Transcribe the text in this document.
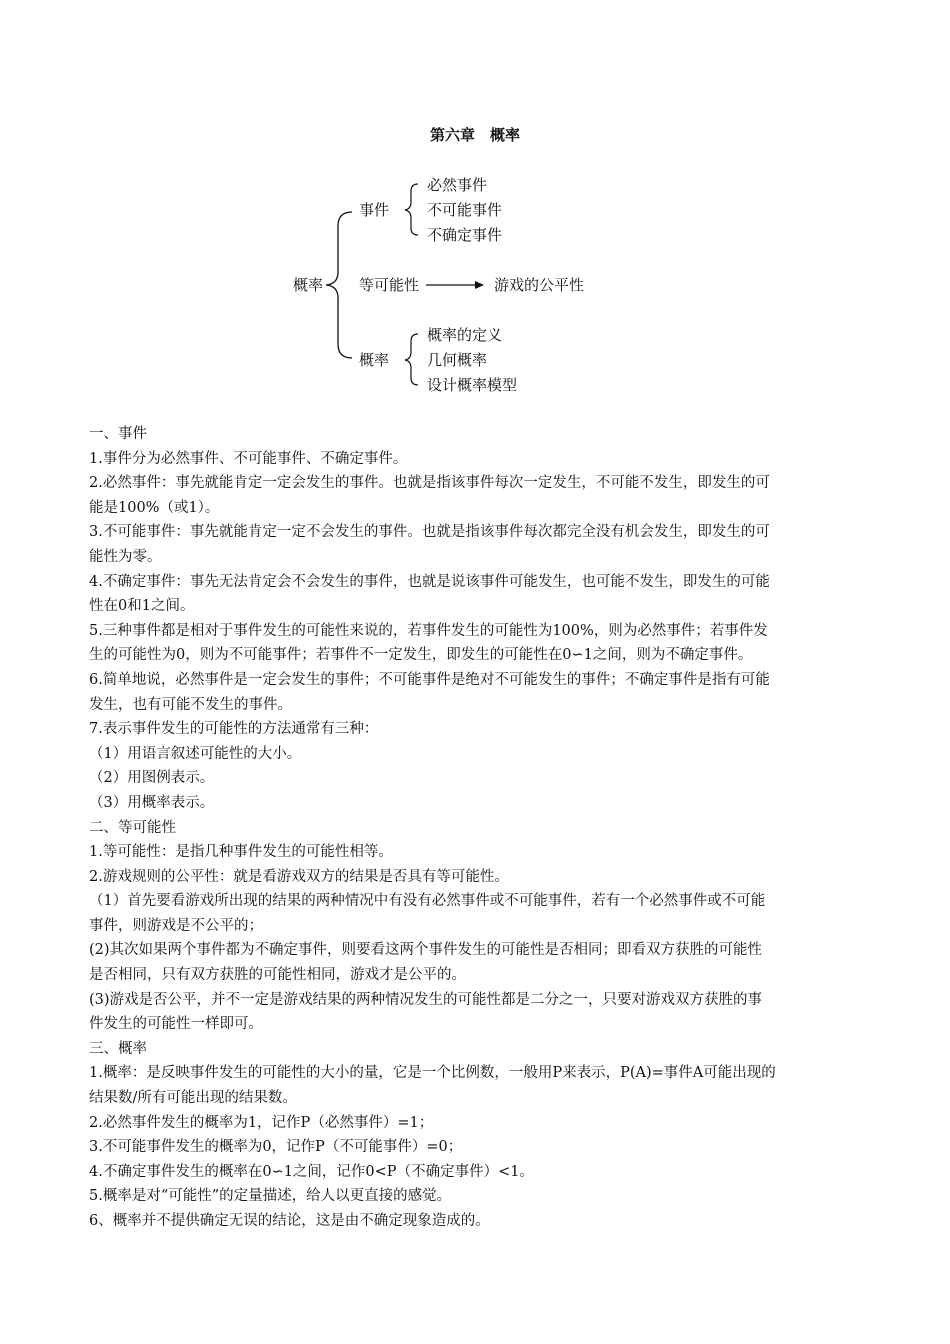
第六章　概率
概率
事件
必然事件
不可能事件
不确定事件
等可能性	游戏的公平性
概率
概率的定义
几何概率
设计概率模型

一、事件

1.事件分为必然事件、不可能事件、不确定事件。

2.必然事件：事先就能肯定一定会发生的事件。也就是指该事件每次一定发生，不可能不发生，即发生的可

能是100%（或1）。

3.不可能事件：事先就能肯定一定不会发生的事件。也就是指该事件每次都完全没有机会发生，即发生的可

能性为零。

4.不确定事件：事先无法肯定会不会发生的事件，也就是说该事件可能发生，也可能不发生，即发生的可能

性在0和1之间。

5.三种事件都是相对于事件发生的可能性来说的，若事件发生的可能性为100%，则为必然事件；若事件发

生的可能性为0，则为不可能事件；若事件不一定发生，即发生的可能性在0∽1之间，则为不确定事件。

6.简单地说，必然事件是一定会发生的事件；不可能事件是绝对不可能发生的事件；不确定事件是指有可能

发生，也有可能不发生的事件。

7.表示事件发生的可能性的方法通常有三种：

（1）用语言叙述可能性的大小。

（2）用图例表示。

（3）用概率表示。

二、等可能性

1.等可能性：是指几种事件发生的可能性相等。

2.游戏规则的公平性：就是看游戏双方的结果是否具有等可能性。

（1）首先要看游戏所出现的结果的两种情况中有没有必然事件或不可能事件，若有一个必然事件或不可能

事件，则游戏是不公平的；

(2)其次如果两个事件都为不确定事件，则要看这两个事件发生的可能性是否相同；即看双方获胜的可能性

是否相同，只有双方获胜的可能性相同，游戏才是公平的。

(3)游戏是否公平，并不一定是游戏结果的两种情况发生的可能性都是二分之一，只要对游戏双方获胜的事

件发生的可能性一样即可。

三、概率

1.概率：是反映事件发生的可能性的大小的量，它是一个比例数，一般用P来表示，P(A)=事件A可能出现的

结果数/所有可能出现的结果数。

2.必然事件发生的概率为1，记作P（必然事件）=1；

3.不可能事件发生的概率为0，记作P（不可能事件）=0；

4.不确定事件发生的概率在0∽1之间，记作0<P（不确定事件）<1。

5.概率是对“可能性”的定量描述，给人以更直接的感觉。

6、概率并不提供确定无误的结论，这是由不确定现象造成的。
